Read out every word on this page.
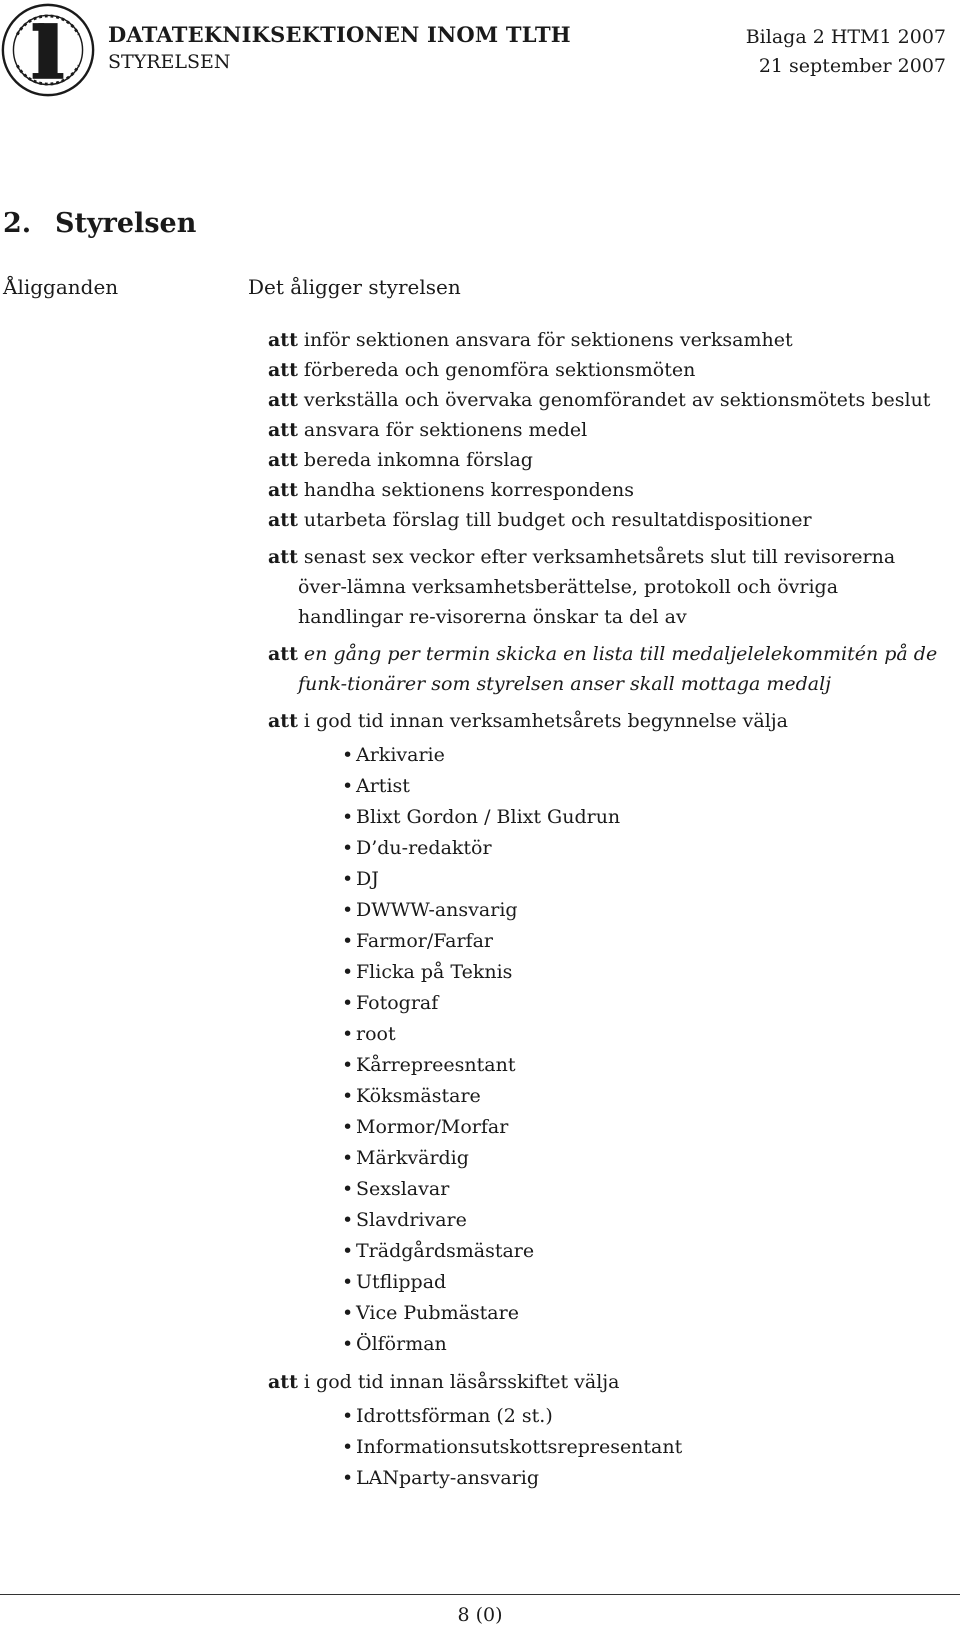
DATATEKNIKSEKTIONEN INOM TLTH
STYRELSEN
Bilaga 2 HTM1 2007
21 september 2007
2. Styrelsen
Åligganden	Det åligger styrelsen
att inför sektionen ansvara för sektionens verksamhet
att förbereda och genomföra sektionsmöten
att verkställa och övervaka genomförandet av sektionsmötets beslut
att ansvara för sektionens medel
att bereda inkomna förslag
att handha sektionens korrespondens
att utarbeta förslag till budget och resultatdispositioner
att senast sex veckor efter verksamhetsårets slut till revisorerna över-lämna verksamhetsberättelse, protokoll och övriga handlingar re-visorerna önskar ta del av
att en gång per termin skicka en lista till medaljelelekommitén på de funk-tionärer som styrelsen anser skall mottaga medalj
att i god tid innan verksamhetsårets begynnelse välja
• Arkivarie
• Artist
• Blixt Gordon / Blixt Gudrun
• D’du-redaktör
• DJ
• DWWW-ansvarig
• Farmor/Farfar
• Flicka på Teknis
• Fotograf
• root
• Kårrepreesntant
• Köksmästare
• Mormor/Morfar
• Märkvärdig
• Sexslavar
• Slavdrivare
• Trädgårdsmästare
• Utflippad
• Vice Pubmästare
• Ölförman
att i god tid innan läsårsskiftet välja
• Idrottsförman (2 st.)
• Informationsutskottsrepresentant
• LANparty-ansvarig
8 (0)
